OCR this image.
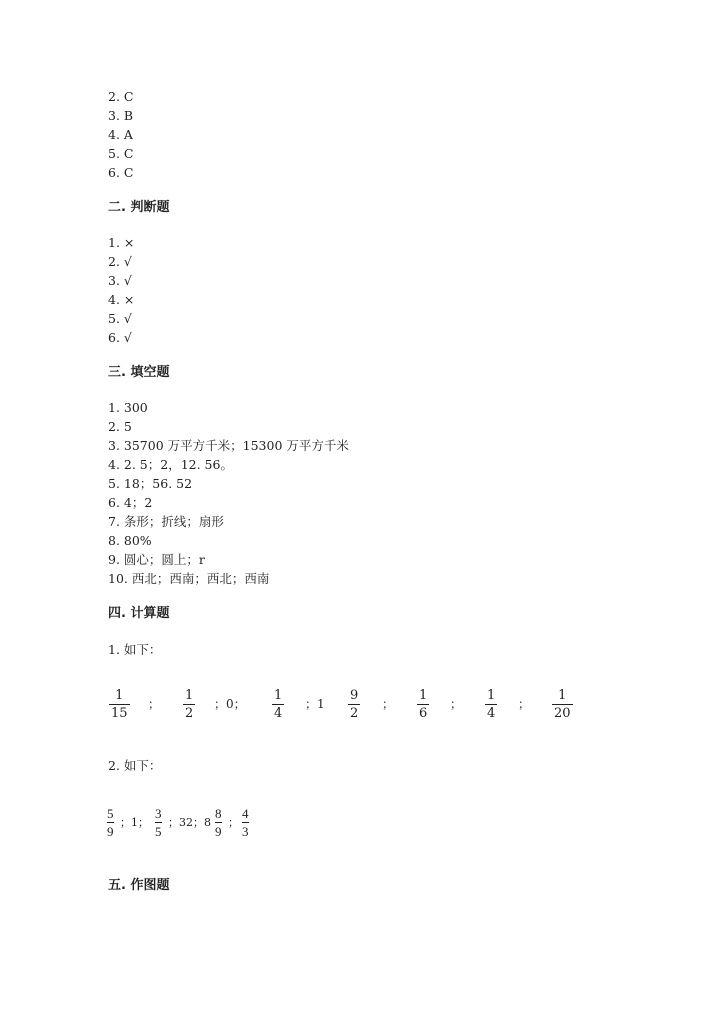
2. C
3. B
4. A
5. C
6. C
二. 判断题
1. ×
2. √
3. √
4. ×
5. √
6. √
三. 填空题
1. 300
2. 5
3. 35700 万平方千米；15300 万平方千米
4. 2. 5；2，12. 56。
5. 18；56. 52
6. 4；2
7. 条形；折线；扇形
8. 80%
9. 圆心；圆上；r
10. 西北；西南；西北；西南
四. 计算题
1. 如下：
1
15
；
1
2
；0；
1
4
；1
9
2
；
1
6
；
1
4
；
1
20
2. 如下：
5
9
；1；
3
5
；32；8
8
9
；
4
3
五. 作图题
